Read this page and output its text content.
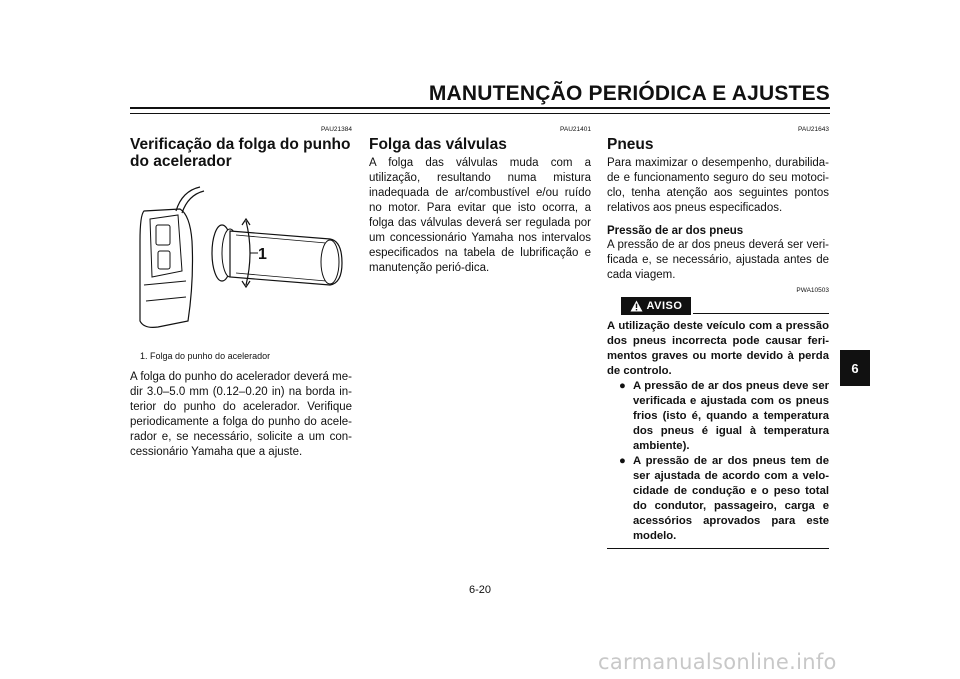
MANUTENÇÃO PERIÓDICA E AJUSTES

PAU21384

Verificação da folga do punho do acelerador
1

1. Folga do punho do acelerador

A folga do punho do acelerador deverá me-dir 3.0–5.0 mm (0.12–0.20 in) na borda in-terior do punho do acelerador. Verifique periodicamente a folga do punho do acele-rador e, se necessário, solicite a um con-cessionário Yamaha que a ajuste.

PAU21401

Folga das válvulas

A folga das válvulas muda com a utilização, resultando numa mistura inadequada de ar/combustível e/ou ruído no motor. Para evitar que isto ocorra, a folga das válvulas deverá ser regulada por um concessionário Yamaha nos intervalos especificados na tabela de lubrificação e manutenção perió-dica.

PAU21643

Pneus

Para maximizar o desempenho, durabilida-de e funcionamento seguro do seu motoci-clo, tenha atenção aos seguintes pontos relativos aos pneus especificados.

Pressão de ar dos pneus

A pressão de ar dos pneus deverá ser veri-ficada e, se necessário, ajustada antes de cada viagem.

PWA10503

AVISO

A utilização deste veículo com a pressão dos pneus incorrecta pode causar feri-mentos graves ou morte devido à perda de controlo.

● A pressão de ar dos pneus deve ser verificada e ajustada com os pneus frios (isto é, quando a temperatura dos pneus é igual à temperatura ambiente).
● A pressão de ar dos pneus tem de ser ajustada de acordo com a velo-cidade de condução e o peso total do condutor, passageiro, carga e acessórios aprovados para este modelo.
6
6-20
carmanualsonline.info
